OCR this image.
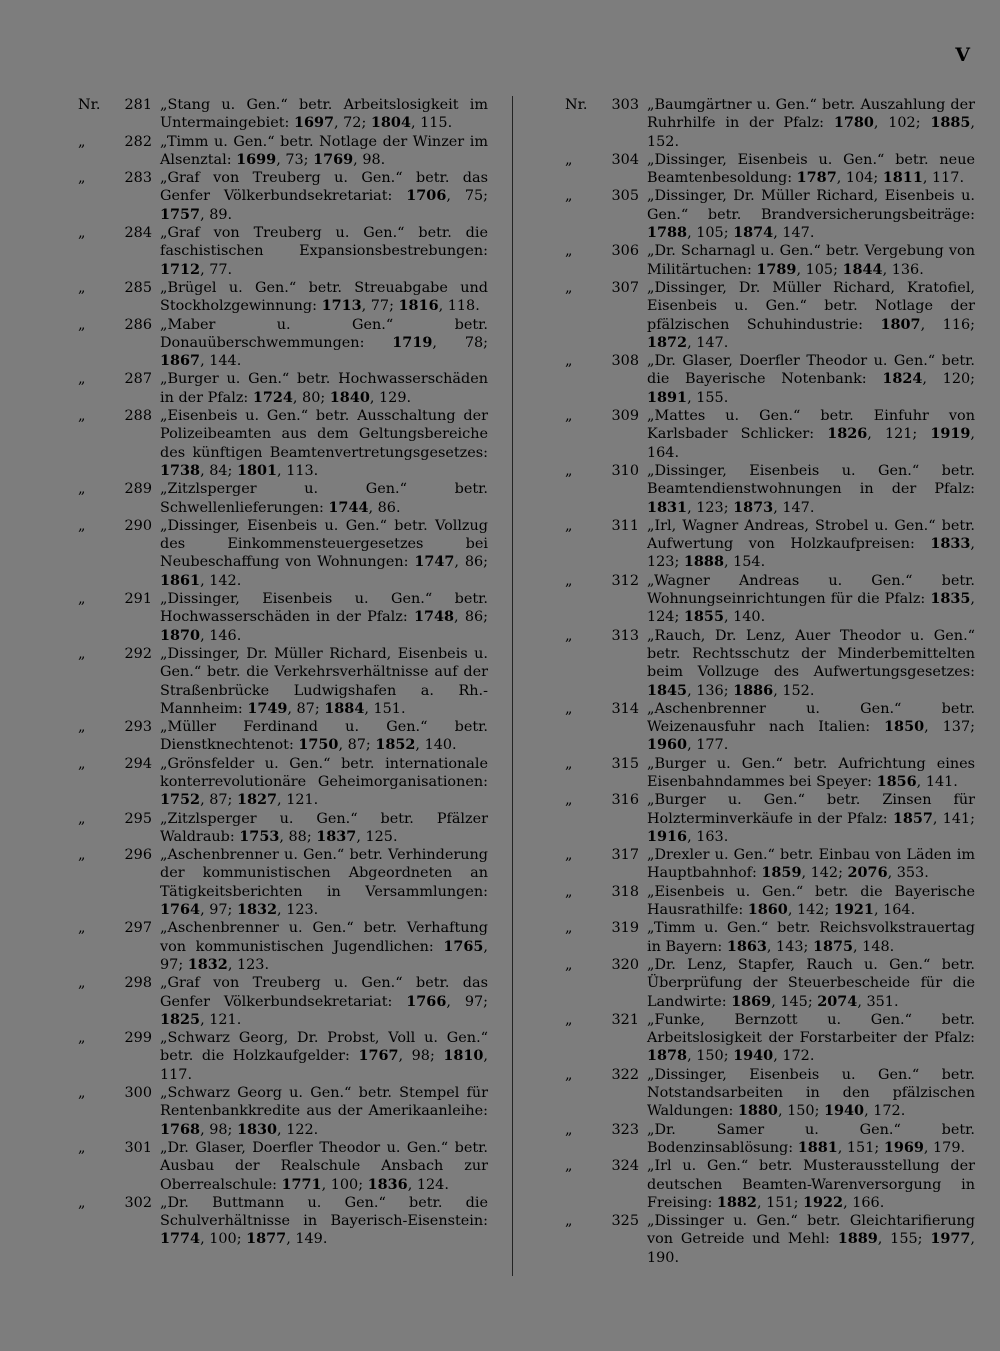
V
Nr.	281 „Stang u. Gen.“ betr. Arbeitslosigkeit im Untermaingebiet: 1697, 72; 1804, 115.
„	282 „Timm u. Gen.“ betr. Notlage der Winzer im Alsenztal: 1699, 73; 1769, 98.
„	283 „Graf von Treuberg u. Gen.“ betr. das Genfer Völkerbundsekretariat: 1706, 75; 1757, 89.
„	284 „Graf von Treuberg u. Gen.“ betr. die faschistischen Expansionsbestrebungen: 1712, 77.
„	285 „Brügel u. Gen.“ betr. Streuabgabe und Stockholzgewinnung: 1713, 77; 1816, 118.
„	286 „Maber u. Gen.“ betr. Donauüberschwemmungen: 1719, 78; 1867, 144.
„	287 „Burger u. Gen.“ betr. Hochwasserschäden in der Pfalz: 1724, 80; 1840, 129.
„	288 „Eisenbeis u. Gen.“ betr. Ausschaltung der Polizeibeamten aus dem Geltungsbereiche des künftigen Beamtenvertretungsgesetzes: 1738, 84; 1801, 113.
„	289 „Zitzlsperger u. Gen.“ betr. Schwellenlieferungen: 1744, 86.
„	290 „Dissinger, Eisenbeis u. Gen.“ betr. Vollzug des Einkommensteuergesetzes bei Neubeschaffung von Wohnungen: 1747, 86; 1861, 142.
„	291 „Dissinger, Eisenbeis u. Gen.“ betr. Hochwasserschäden in der Pfalz: 1748, 86; 1870, 146.
„	292 „Dissinger, Dr. Müller Richard, Eisenbeis u. Gen.“ betr. die Verkehrsverhältnisse auf der Straßenbrücke Ludwigshafen a. Rh.-Mannheim: 1749, 87; 1884, 151.
„	293 „Müller Ferdinand u. Gen.“ betr. Dienstknechtenot: 1750, 87; 1852, 140.
„	294 „Grönsfelder u. Gen.“ betr. internationale konterrevolutionäre Geheimorganisationen: 1752, 87; 1827, 121.
„	295 „Zitzlsperger u. Gen.“ betr. Pfälzer Waldraub: 1753, 88; 1837, 125.
„	296 „Aschenbrenner u. Gen.“ betr. Verhinderung der kommunistischen Abgeordneten an Tätigkeitsberichten in Versammlungen: 1764, 97; 1832, 123.
„	297 „Aschenbrenner u. Gen.“ betr. Verhaftung von kommunistischen Jugendlichen: 1765, 97; 1832, 123.
„	298 „Graf von Treuberg u. Gen.“ betr. das Genfer Völkerbundsekretariat: 1766, 97; 1825, 121.
„	299 „Schwarz Georg, Dr. Probst, Voll u. Gen.“ betr. die Holzkaufgelder: 1767, 98; 1810, 117.
„	300 „Schwarz Georg u. Gen.“ betr. Stempel für Rentenbankkredite aus der Amerikaanleihe: 1768, 98; 1830, 122.
„	301 „Dr. Glaser, Doerfler Theodor u. Gen.“ betr. Ausbau der Realschule Ansbach zur Oberrealschule: 1771, 100; 1836, 124.
„	302 „Dr. Buttmann u. Gen.“ betr. die Schulverhältnisse in Bayerisch-Eisenstein: 1774, 100; 1877, 149.
Nr.	303 „Baumgärtner u. Gen.“ betr. Auszahlung der Ruhrhilfe in der Pfalz: 1780, 102; 1885, 152.
„	304 „Dissinger, Eisenbeis u. Gen.“ betr. neue Beamtenbesoldung: 1787, 104; 1811, 117.
„	305 „Dissinger, Dr. Müller Richard, Eisenbeis u. Gen.“ betr. Brandversicherungsbeiträge: 1788, 105; 1874, 147.
„	306 „Dr. Scharnagl u. Gen.“ betr. Vergebung von Militärtuchen: 1789, 105; 1844, 136.
„	307 „Dissinger, Dr. Müller Richard, Kratofiel, Eisenbeis u. Gen.“ betr. Notlage der pfälzischen Schuhindustrie: 1807, 116; 1872, 147.
„	308 „Dr. Glaser, Doerfler Theodor u. Gen.“ betr. die Bayerische Notenbank: 1824, 120; 1891, 155.
„	309 „Mattes u. Gen.“ betr. Einfuhr von Karlsbader Schlicker: 1826, 121; 1919, 164.
„	310 „Dissinger, Eisenbeis u. Gen.“ betr. Beamtendienstwohnungen in der Pfalz: 1831, 123; 1873, 147.
„	311 „Irl, Wagner Andreas, Strobel u. Gen.“ betr. Aufwertung von Holzkaufpreisen: 1833, 123; 1888, 154.
„	312 „Wagner Andreas u. Gen.“ betr. Wohnungseinrichtungen für die Pfalz: 1835, 124; 1855, 140.
„	313 „Rauch, Dr. Lenz, Auer Theodor u. Gen.“ betr. Rechtsschutz der Minderbemittelten beim Vollzuge des Aufwertungsgesetzes: 1845, 136; 1886, 152.
„	314 „Aschenbrenner u. Gen.“ betr. Weizenausfuhr nach Italien: 1850, 137; 1960, 177.
„	315 „Burger u. Gen.“ betr. Aufrichtung eines Eisenbahndammes bei Speyer: 1856, 141.
„	316 „Burger u. Gen.“ betr. Zinsen für Holzterminverkäufe in der Pfalz: 1857, 141; 1916, 163.
„	317 „Drexler u. Gen.“ betr. Einbau von Läden im Hauptbahnhof: 1859, 142; 2076, 353.
„	318 „Eisenbeis u. Gen.“ betr. die Bayerische Hausrathilfe: 1860, 142; 1921, 164.
„	319 „Timm u. Gen.“ betr. Reichsvolkstrauertag in Bayern: 1863, 143; 1875, 148.
„	320 „Dr. Lenz, Stapfer, Rauch u. Gen.“ betr. Überprüfung der Steuerbescheide für die Landwirte: 1869, 145; 2074, 351.
„	321 „Funke, Bernzott u. Gen.“ betr. Arbeitslosigkeit der Forstarbeiter der Pfalz: 1878, 150; 1940, 172.
„	322 „Dissinger, Eisenbeis u. Gen.“ betr. Notstandsarbeiten in den pfälzischen Waldungen: 1880, 150; 1940, 172.
„	323 „Dr. Samer u. Gen.“ betr. Bodenzinsablösung: 1881, 151; 1969, 179.
„	324 „Irl u. Gen.“ betr. Musterausstellung der deutschen Beamten-Warenversorgung in Freising: 1882, 151; 1922, 166.
„	325 „Dissinger u. Gen.“ betr. Gleichtarifierung von Getreide und Mehl: 1889, 155; 1977, 190.
